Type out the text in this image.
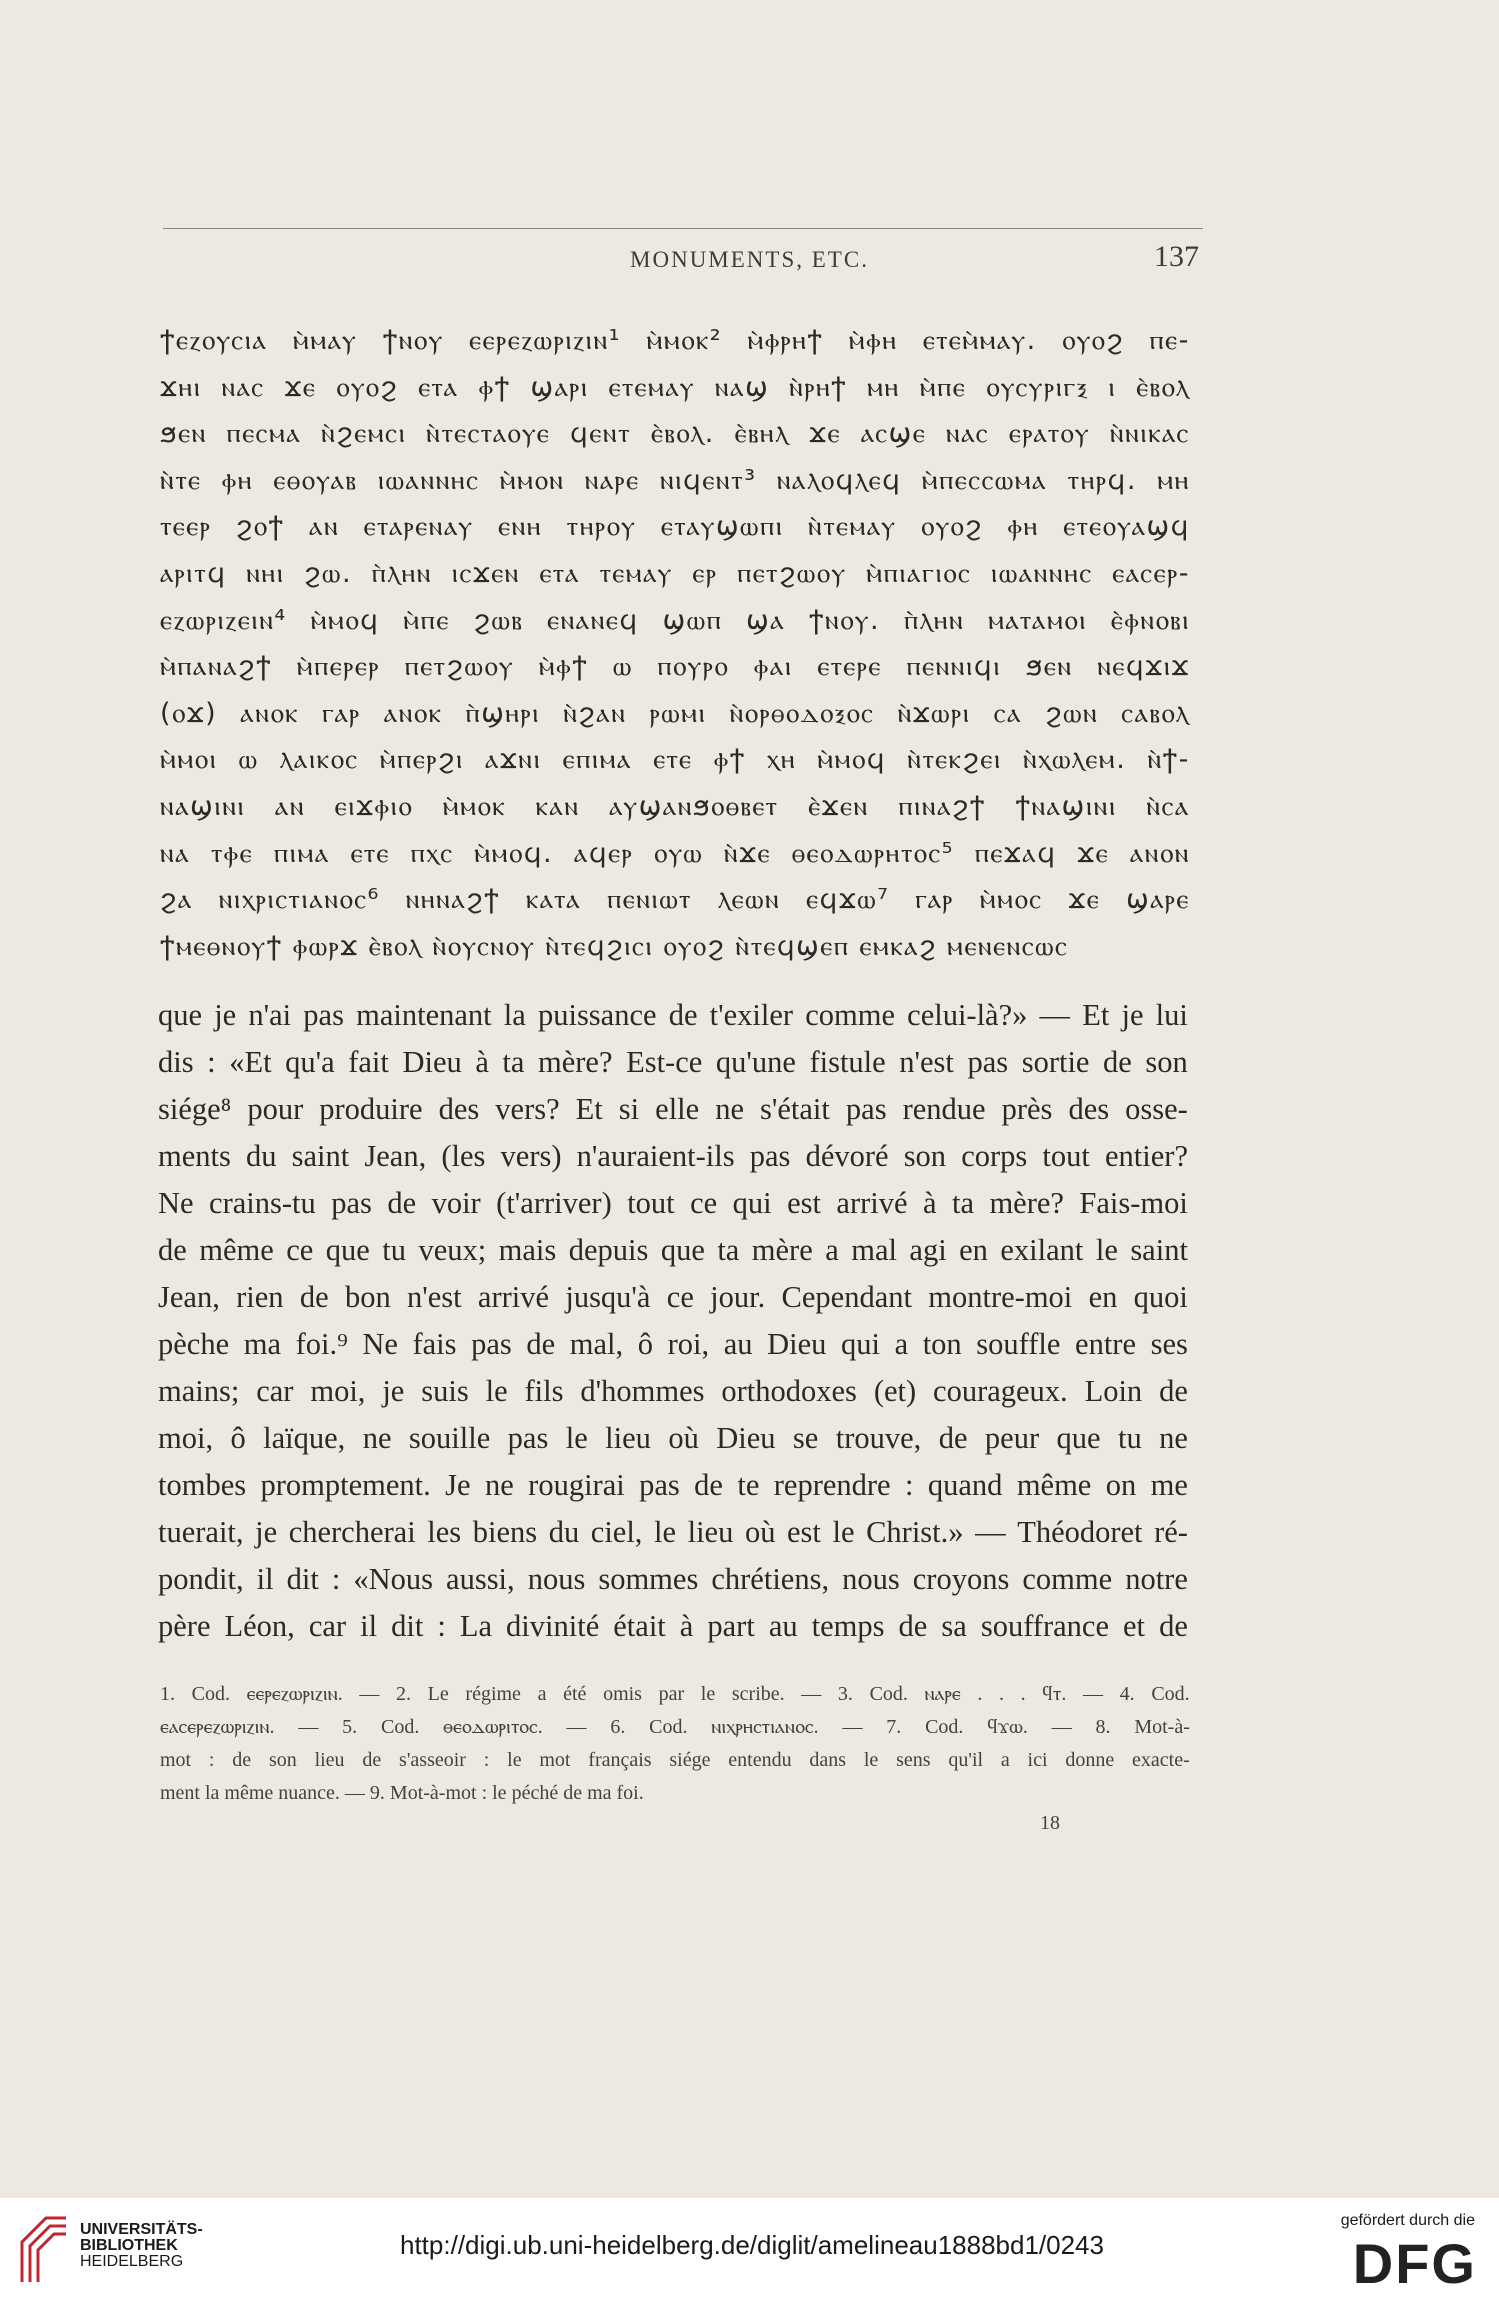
MONUMENTS, ETC.	137
ϯⲉⲍⲟⲩⲥⲓⲁ ⲙ̀ⲙⲁⲩ ϯⲛⲟⲩ ⲉⲉⲣⲉⲍⲱⲣⲓⲍⲓⲛ¹ ⲙ̀ⲙⲟⲕ² ⲙ̀ⲫⲣⲏϯ ⲙ̀ⲫⲏ ⲉⲧⲉⲙ̀ⲙⲁⲩ. ⲟⲩⲟϩ ⲡⲉ-
ϫⲏⲓ ⲛⲁⲥ ϫⲉ ⲟⲩⲟϩ ⲉⲧⲁ ⲫϯ ϣⲁⲣⲓ ⲉⲧⲉⲙⲁⲩ ⲛⲁϣ ⲛ̀ⲣⲏϯ ⲙⲏ ⲙ̀ⲡⲉ ⲟⲩⲥⲩⲣⲓⲅⲝ ⲓ ⲉ̀ⲃⲟⲗ
ϧⲉⲛ ⲡⲉⲥⲙⲁ ⲛ̀ϩⲉⲙⲥⲓ ⲛ̀ⲧⲉⲥⲧⲁⲟⲩⲉ ϥⲉⲛⲧ ⲉ̀ⲃⲟⲗ. ⲉ̀ⲃⲏⲗ ϫⲉ ⲁⲥϣⲉ ⲛⲁⲥ ⲉⲣⲁⲧⲟⲩ ⲛ̀ⲛⲓⲕⲁⲥ
ⲛ̀ⲧⲉ ⲫⲏ ⲉⲑⲟⲩⲁⲃ ⲓⲱⲁⲛⲛⲏⲥ ⲙ̀ⲙⲟⲛ ⲛⲁⲣⲉ ⲛⲓϥⲉⲛⲧ³ ⲛⲁⲗⲟϥⲗⲉϥ ⲙ̀ⲡⲉⲥⲥⲱⲙⲁ ⲧⲏⲣϥ. ⲙⲏ
ⲧⲉⲉⲣ ϩⲟϯ ⲁⲛ ⲉⲧⲁⲣⲉⲛⲁⲩ ⲉⲛⲏ ⲧⲏⲣⲟⲩ ⲉⲧⲁⲩϣⲱⲡⲓ ⲛ̀ⲧⲉⲙⲁⲩ ⲟⲩⲟϩ ⲫⲏ ⲉⲧⲉⲟⲩⲁϣϥ
ⲁⲣⲓⲧϥ ⲛⲏⲓ ϩⲱ. ⲡ̀ⲗⲏⲛ ⲓⲥϫⲉⲛ ⲉⲧⲁ ⲧⲉⲙⲁⲩ ⲉⲣ ⲡⲉⲧϩⲱⲟⲩ ⲙ̀ⲡⲓⲁⲅⲓⲟⲥ ⲓⲱⲁⲛⲛⲏⲥ ⲉⲁⲥⲉⲣ-
ⲉⲍⲱⲣⲓⲍⲉⲓⲛ⁴ ⲙ̀ⲙⲟϥ ⲙ̀ⲡⲉ ϩⲱⲃ ⲉⲛⲁⲛⲉϥ ϣⲱⲡ ϣⲁ ϯⲛⲟⲩ. ⲡ̀ⲗⲏⲛ ⲙⲁⲧⲁⲙⲟⲓ ⲉ̀ⲫⲛⲟⲃⲓ
ⲙ̀ⲡⲁⲛⲁϩϯ ⲙ̀ⲡⲉⲣⲉⲣ ⲡⲉⲧϩⲱⲟⲩ ⲙ̀ⲫϯ ⲱ ⲡⲟⲩⲣⲟ ⲫⲁⲓ ⲉⲧⲉⲣⲉ ⲡⲉⲛⲛⲓϥⲓ ϧⲉⲛ ⲛⲉϥϫⲓϫ
(ⲟϫ) ⲁⲛⲟⲕ ⲅⲁⲣ ⲁⲛⲟⲕ ⲡ̀ϣⲏⲣⲓ ⲛ̀ϩⲁⲛ ⲣⲱⲙⲓ ⲛ̀ⲟⲣⲑⲟⲇⲟⲝⲟⲥ ⲛ̀ϫⲱⲣⲓ ⲥⲁ ϩⲱⲛ ⲥⲁⲃⲟⲗ
ⲙ̀ⲙⲟⲓ ⲱ ⲗⲁⲓⲕⲟⲥ ⲙ̀ⲡⲉⲣϩⲓ ⲁϫⲛⲓ ⲉⲡⲓⲙⲁ ⲉⲧⲉ ⲫϯ ⲭⲏ ⲙ̀ⲙⲟϥ ⲛ̀ⲧⲉⲕϩⲉⲓ ⲛ̀ⲭⲱⲗⲉⲙ. ⲛ̀ϯ-
ⲛⲁϣⲓⲛⲓ ⲁⲛ ⲉⲓϫⲫⲓⲟ ⲙ̀ⲙⲟⲕ ⲕⲁⲛ ⲁⲩϣⲁⲛϧⲟⲑⲃⲉⲧ ⲉ̀ϫⲉⲛ ⲡⲓⲛⲁϩϯ ϯⲛⲁϣⲓⲛⲓ ⲛ̀ⲥⲁ
ⲛⲁ ⲧⲫⲉ ⲡⲓⲙⲁ ⲉⲧⲉ ⲡⲭⲥ ⲙ̀ⲙⲟϥ. ⲁϥⲉⲣ ⲟⲩⲱ ⲛ̀ϫⲉ ⲑⲉⲟⲇⲱⲣⲏⲧⲟⲥ⁵ ⲡⲉϫⲁϥ ϫⲉ ⲁⲛⲟⲛ
ϩⲁ ⲛⲓⲭⲣⲓⲥⲧⲓⲁⲛⲟⲥ⁶ ⲛⲏⲛⲁϩϯ ⲕⲁⲧⲁ ⲡⲉⲛⲓⲱⲧ ⲗⲉⲱⲛ ⲉϥϫⲱ⁷ ⲅⲁⲣ ⲙ̀ⲙⲟⲥ ϫⲉ ϣⲁⲣⲉ
ϯⲙⲉⲑⲛⲟⲩϯ ⲫⲱⲣϫ ⲉ̀ⲃⲟⲗ ⲛ̀ⲟⲩⲥⲛⲟⲩ ⲛ̀ⲧⲉϥϩⲓⲥⲓ ⲟⲩⲟϩ ⲛ̀ⲧⲉϥϣⲉⲡ ⲉⲙⲕⲁϩ ⲙⲉⲛⲉⲛⲥⲱⲥ
que je n'ai pas maintenant la puissance de t'exiler comme celui-là?» — Et je lui
dis : «Et qu'a fait Dieu à ta mère? Est-ce qu'une fistule n'est pas sortie de son
siége⁸ pour produire des vers? Et si elle ne s'était pas rendue près des osse-
ments du saint Jean, (les vers) n'auraient-ils pas dévoré son corps tout entier?
Ne crains-tu pas de voir (t'arriver) tout ce qui est arrivé à ta mère? Fais-moi
de même ce que tu veux; mais depuis que ta mère a mal agi en exilant le saint
Jean, rien de bon n'est arrivé jusqu'à ce jour. Cependant montre-moi en quoi
pèche ma foi.⁹ Ne fais pas de mal, ô roi, au Dieu qui a ton souffle entre ses
mains; car moi, je suis le fils d'hommes orthodoxes (et) courageux. Loin de
moi, ô laïque, ne souille pas le lieu où Dieu se trouve, de peur que tu ne
tombes promptement. Je ne rougirai pas de te reprendre : quand même on me
tuerait, je chercherai les biens du ciel, le lieu où est le Christ.» — Théodoret ré-
pondit, il dit : «Nous aussi, nous sommes chrétiens, nous croyons comme notre
père Léon, car il dit : La divinité était à part au temps de sa souffrance et de
1. Cod. ⲉⲉⲣⲉⲍⲱⲣⲓⲍⲓⲛ. — 2. Le régime a été omis par le scribe. — 3. Cod. ⲛⲁⲣⲉ . . . ϥⲧ. — 4. Cod.
ⲉⲁⲥⲉⲣⲉⲍⲱⲣⲓⲍⲓⲛ. — 5. Cod. ⲑⲉⲟⲇⲱⲣⲓⲧⲟⲥ. — 6. Cod. ⲛⲓⲭⲣⲏⲥⲧⲓⲁⲛⲟⲥ. — 7. Cod. ϥϫⲱ. — 8. Mot-à-
mot : de son lieu de s'asseoir : le mot français siége entendu dans le sens qu'il a ici donne exacte-
ment la même nuance. — 9. Mot-à-mot : le péché de ma foi.
18
UNIVERSITÄTS-
BIBLIOTHEK
HEIDELBERG
http://digi.ub.uni-heidelberg.de/diglit/amelineau1888bd1/0243
gefördert durch die
DFG
